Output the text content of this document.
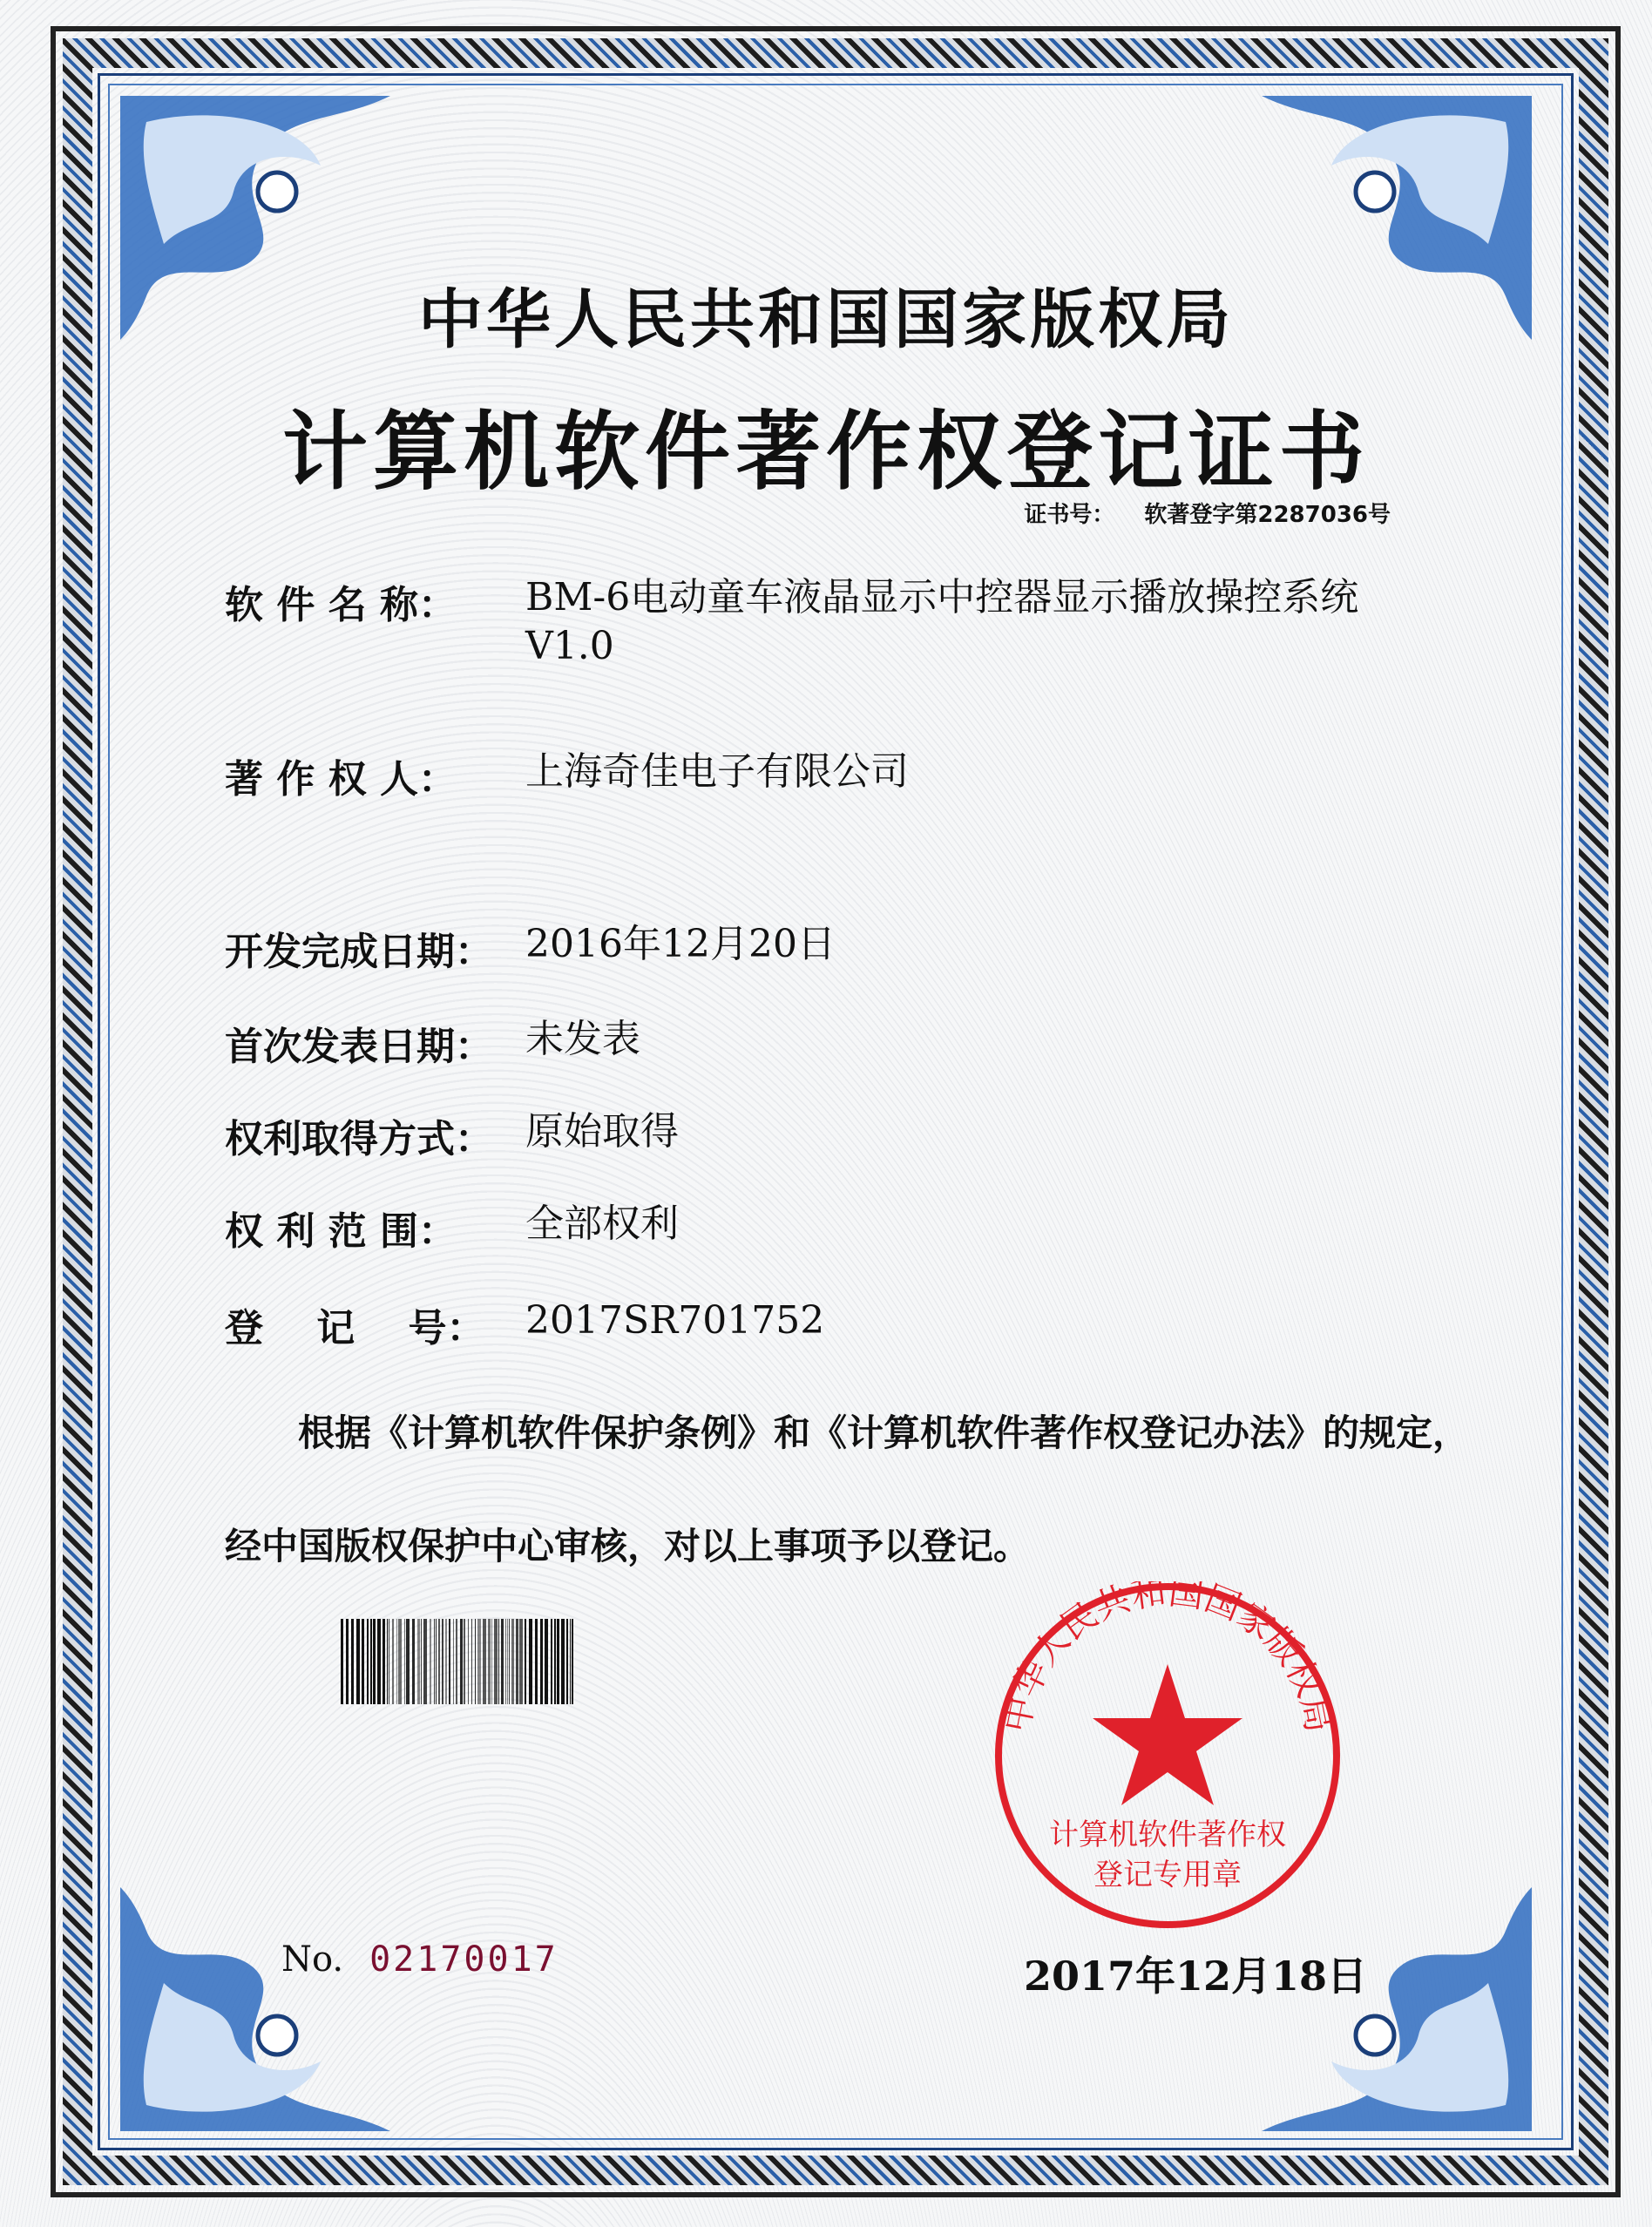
中华人民共和国国家版权局
计算机软件著作权登记证书
证书号： 软著登字第2287036号
软 件 名 称：	BM-6电动童车液晶显示中控器显示播放操控系统 V1.0
著 作 权 人：	上海奇佳电子有限公司
开发完成日期： 2016年12月20日
首次发表日期： 未发表
权利取得方式： 原始取得
权 利 范 围：	全部权利
登    记    号：	2017SR701752
根据《计算机软件保护条例》和《计算机软件著作权登记办法》的规定，经中国版权保护中心审核，对以上事项予以登记。
中华人民共和国国家版权局
计算机软件著作权
登记专用章
2017年12月18日
No. 02170017
